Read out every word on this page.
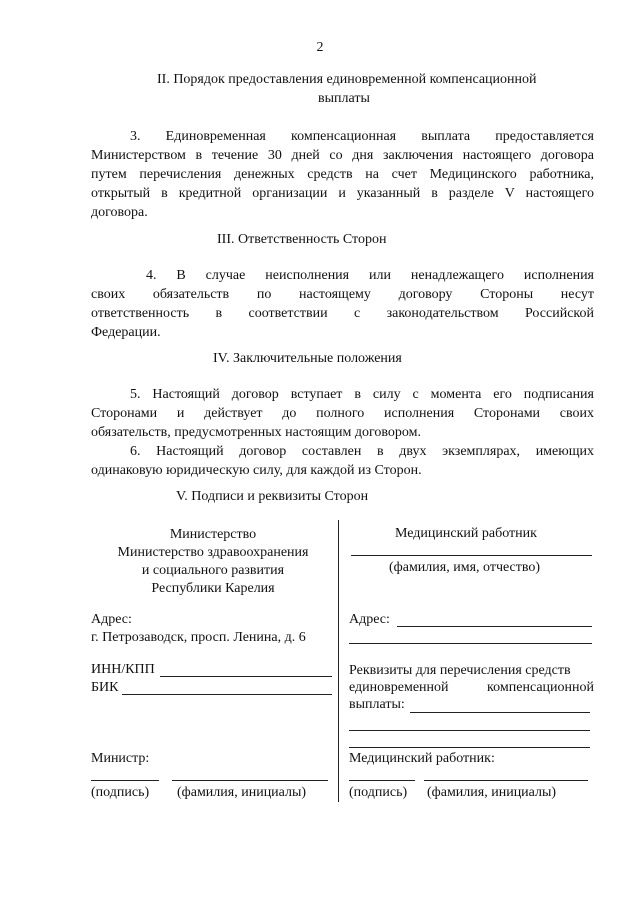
2
II. Порядок предоставления единовременной компенсационной
выплаты
3. Единовременная компенсационная выплата предоставляется
Министерством в течение 30 дней со дня заключения настоящего договора
путем перечисления денежных средств на счет Медицинского работника,
открытый в кредитной организации и указанный в разделе V настоящего
договора.
III. Ответственность Сторон
4. В случае неисполнения или ненадлежащего исполнения
своих обязательств по настоящему договору Стороны несут
ответственность в соответствии с законодательством Российской
Федерации.
IV. Заключительные положения
5. Настоящий договор вступает в силу с момента его подписания
Сторонами и действует до полного исполнения Сторонами своих
обязательств, предусмотренных настоящим договором.
6. Настоящий договор составлен в двух экземплярах, имеющих
одинаковую юридическую силу, для каждой из Сторон.
V. Подписи и реквизиты Сторон
Министерство
Министерство здравоохранения
и социального развития
Республики Карелия
Адрес:
г. Петрозаводск, просп. Ленина, д. 6
ИНН/КПП
БИК
Министр:
(подпись) (фамилия, инициалы)
Медицинский работник
(фамилия, имя, отчество)
Адрес:
Реквизиты для перечисления средств
единовременной компенсационной
выплаты:
Медицинский работник:
(подпись) (фамилия, инициалы)
